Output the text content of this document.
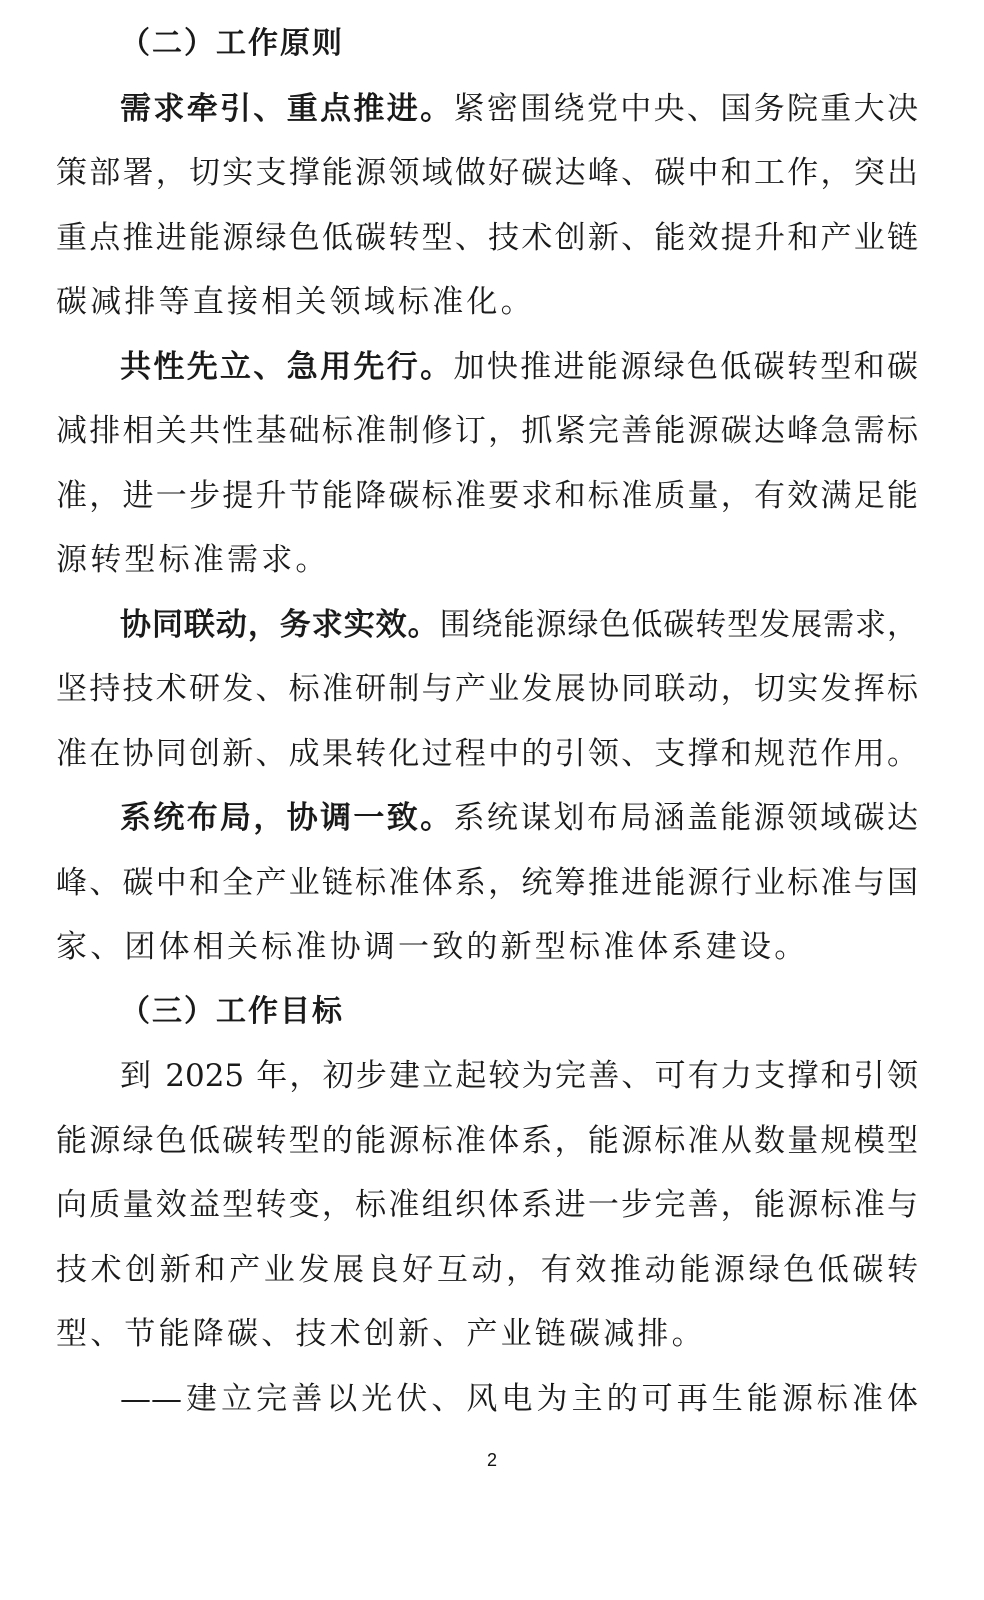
（二）工作原则
需求牵引、重点推进。紧密围绕党中央、国务院重大决
策部署，切实支撑能源领域做好碳达峰、碳中和工作，突出
重点推进能源绿色低碳转型、技术创新、能效提升和产业链
碳减排等直接相关领域标准化。
共性先立、急用先行。加快推进能源绿色低碳转型和碳
减排相关共性基础标准制修订，抓紧完善能源碳达峰急需标
准，进一步提升节能降碳标准要求和标准质量，有效满足能
源转型标准需求。
协同联动，务求实效。围绕能源绿色低碳转型发展需求，
坚持技术研发、标准研制与产业发展协同联动，切实发挥标
准在协同创新、成果转化过程中的引领、支撑和规范作用。
系统布局，协调一致。系统谋划布局涵盖能源领域碳达
峰、碳中和全产业链标准体系，统筹推进能源行业标准与国
家、团体相关标准协调一致的新型标准体系建设。
（三）工作目标
到 2025 年，初步建立起较为完善、可有力支撑和引领
能源绿色低碳转型的能源标准体系，能源标准从数量规模型
向质量效益型转变，标准组织体系进一步完善，能源标准与
技术创新和产业发展良好互动，有效推动能源绿色低碳转
型、节能降碳、技术创新、产业链碳减排。
——建立完善以光伏、风电为主的可再生能源标准体
2
